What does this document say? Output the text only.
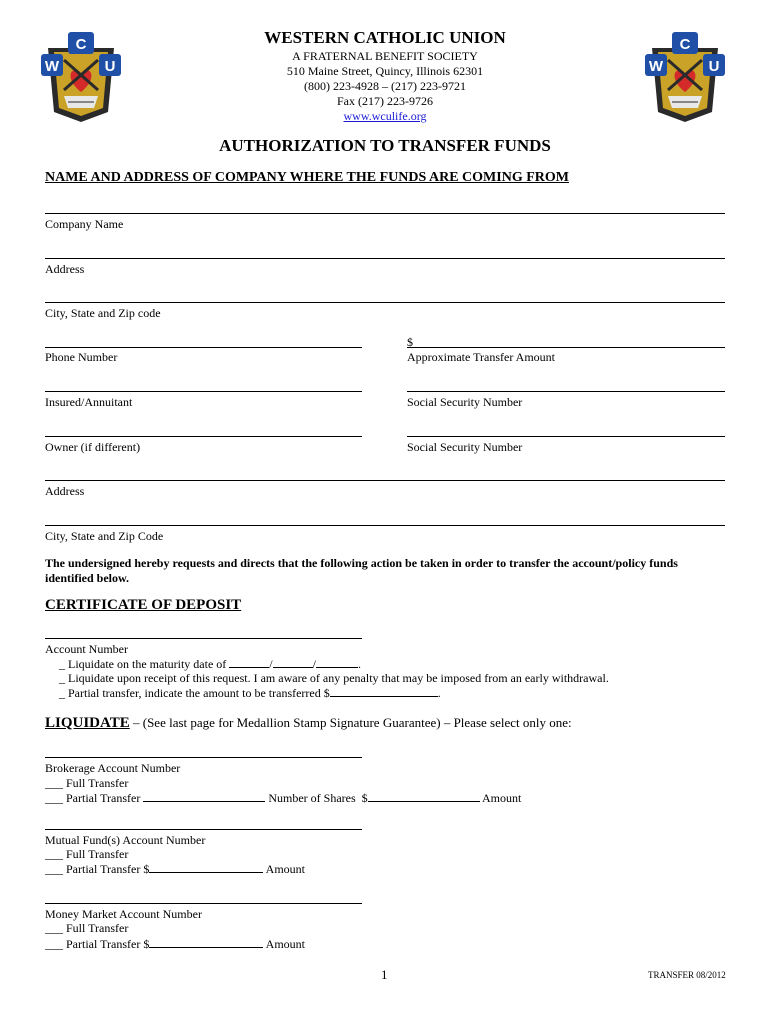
C
W	U
C
W	U
WESTERN CATHOLIC UNION
A FRATERNAL BENEFIT SOCIETY
510 Maine Street, Quincy, Illinois 62301
(800) 223-4928 – (217) 223-9721
Fax (217) 223-9726
www.wculife.org
AUTHORIZATION TO TRANSFER FUNDS
NAME AND ADDRESS OF COMPANY WHERE THE FUNDS ARE COMING FROM
Company Name
Address
City, State and Zip code
$
Phone Number	Approximate Transfer Amount
Insured/Annuitant	Social Security Number
Owner (if different)	Social Security Number
Address
City, State and Zip Code
The undersigned hereby requests and directs that the following action be taken in order to transfer the account/policy funds identified below.
CERTIFICATE OF DEPOSIT
Account Number
_ Liquidate on the maturity date of	/	/	.
_ Liquidate upon receipt of this request. I am aware of any penalty that may be imposed from an early withdrawal.
_ Partial transfer, indicate the amount to be transferred $	.
LIQUIDATE – (See last page for Medallion Stamp Signature Guarantee) – Please select only one:
Brokerage Account Number
___ Full Transfer
___ Partial Transfer	Number of Shares $	Amount
Mutual Fund(s) Account Number
___ Full Transfer
___ Partial Transfer $	Amount
Money Market Account Number
___ Full Transfer
___ Partial Transfer $	Amount
1	TRANSFER 08/2012
